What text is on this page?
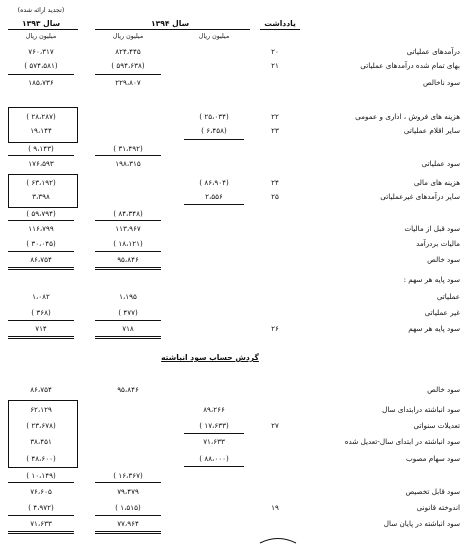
(تجدید ارائه شده)
سال ۱۳۹۳	سال ۱۳۹۴	یادداشت
میلیون ریال
میلیون ریال
میلیون ریال
درآمدهای عملیاتی
۲۰
۸۲۴،۴۴۵
۷۶۰،۳۱۷
بهای تمام شده درآمدهای عملیاتی
۲۱
(۵۹۴،۶۳۸ )
(۵۷۴،۵۸۱ )
سود ناخالص
۲۲۹،۸۰۷
۱۸۵،۷۳۶
هزینه های فروش ، اداری و عمومی
۲۲
(۲۵،۰۳۴ )
(۲۸،۲۸۷ )
سایر اقلام عملیاتی
۲۳
(۶،۴۵۸ )
۱۹،۱۴۴
(۳۱،۴۹۲ )
(۹،۱۴۳ )
سود عملیاتی
۱۹۸،۳۱۵
۱۷۶،۵۹۳
هزینه های مالی
۲۴
(۸۶،۹۰۴ )
(۶۳،۱۹۲ )
سایر درآمدهای غیرعملیاتی
۲۵
۲،۵۵۶
۳،۳۹۸
(۸۴،۳۴۸ )
(۵۹،۷۹۴ )
سود قبل از مالیات
۱۱۳،۹۶۷
۱۱۶،۷۹۹
مالیات بردرآمد
(۱۸،۱۲۱ )
(۳۰،۰۴۵ )
سود خالص
۹۵،۸۴۶
۸۶،۷۵۴
سود پایه هر سهم :
عملیاتی
۱،۱۹۵
۱،۰۸۲
غیر عملیاتی
(۴۷۷ )
(۳۶۸ )
سود پایه هر سهم
۲۶
۷۱۸
۷۱۴
گردش حساب سود انباشته
سود خالص
۹۵،۸۴۶
۸۶،۷۵۴
سود انباشته درابتدای سال
۸۹،۲۶۶
۶۲،۱۲۹
تعدیلات سنواتی
۲۷
(۱۷،۶۳۳ )
(۲۳،۶۷۸ )
سود انباشته در ابتدای سال-تعدیل شده
۷۱،۶۳۳
۳۸،۴۵۱
سود سهام مصوب
(۸۸،۰۰۰ )
(۴۸،۶۰۰ )
(۱۶،۳۶۷ )
(۱۰،۱۴۹ )
سود قابل تخصیص
۷۹،۴۷۹
۷۶،۶۰۵
اندوخته قانونی
۱۹
(۱،۵۱۵ )
(۴،۹۷۲ )
سود انباشته در پایان سال
۷۷،۹۶۴
۷۱،۶۳۳
